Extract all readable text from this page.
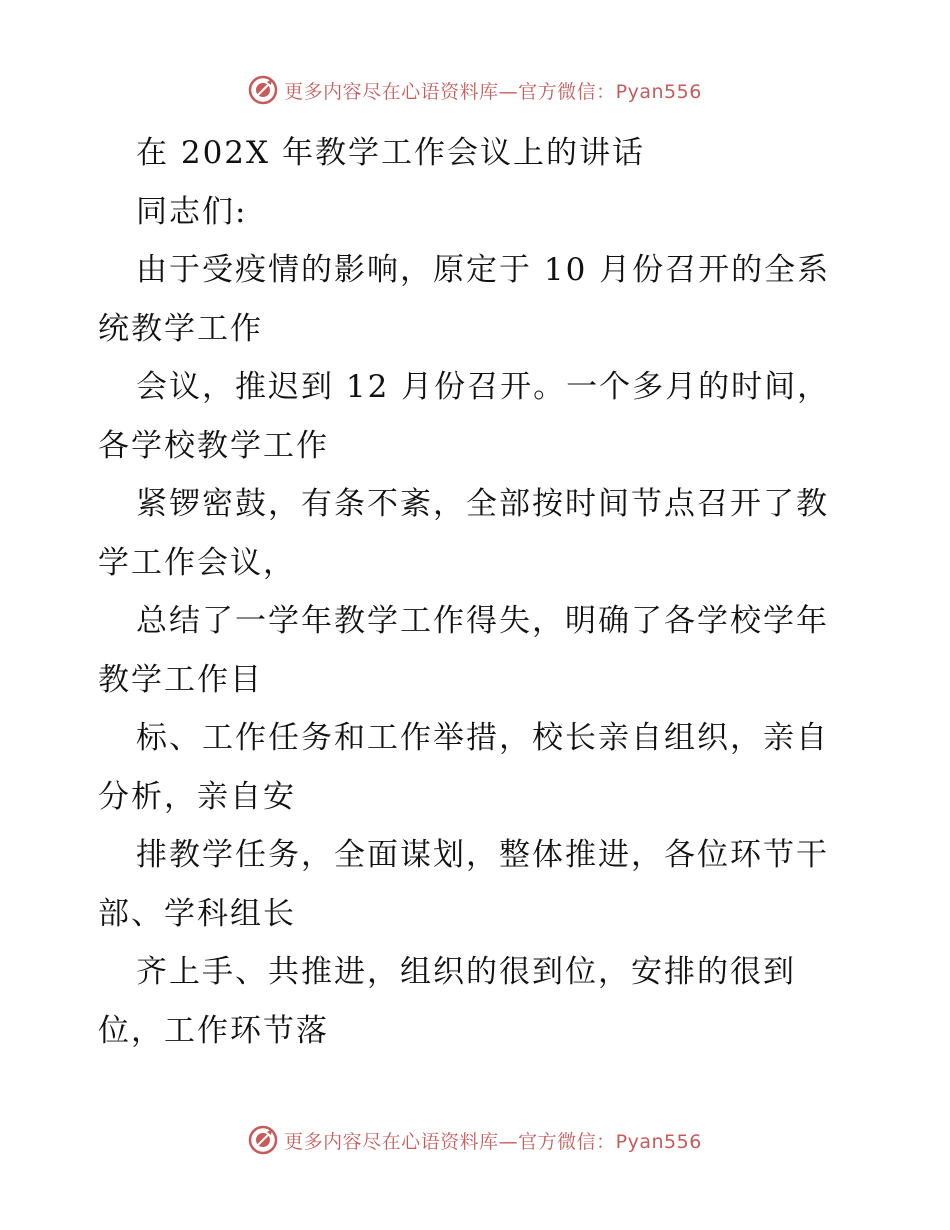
更多内容尽在心语资料库—官方微信：Pyan556
在 202X 年教学工作会议上的讲话
同志们:
由于受疫情的影响，原定于 10 月份召开的全系
统教学工作
会议，推迟到 12 月份召开。一个多月的时间，
各学校教学工作
紧锣密鼓，有条不紊，全部按时间节点召开了教
学工作会议，
总结了一学年教学工作得失，明确了各学校学年
教学工作目
标、工作任务和工作举措，校长亲自组织，亲自
分析，亲自安
排教学任务，全面谋划，整体推进，各位环节干
部、学科组长
齐上手、共推进，组织的很到位，安排的很到
位，工作环节落
更多内容尽在心语资料库—官方微信：Pyan556
